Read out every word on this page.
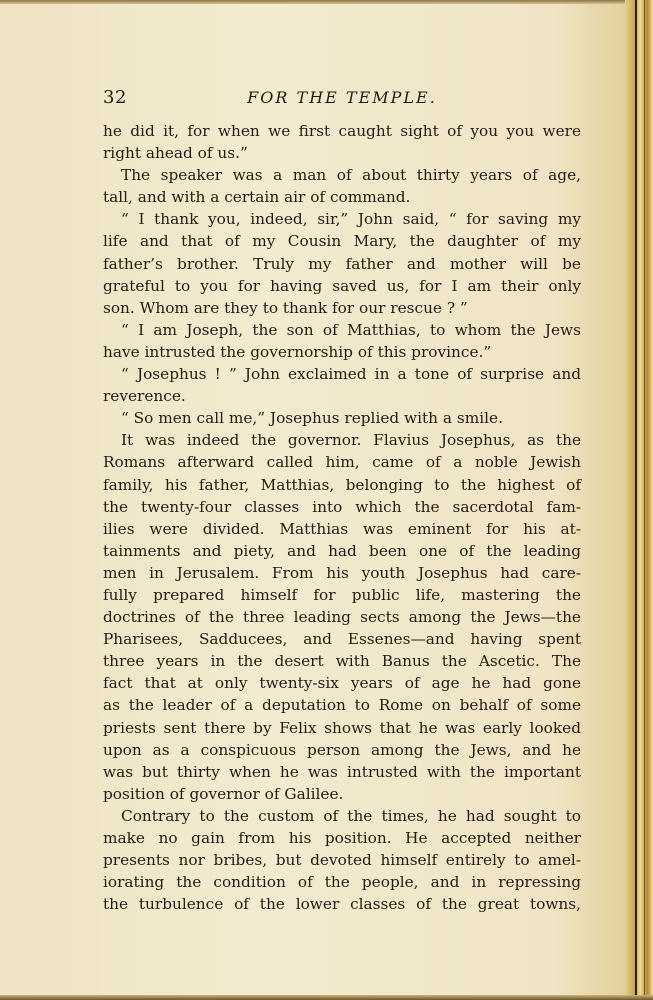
32	FOR THE TEMPLE.
he did it, for when we first caught sight of you you were
right ahead of us.”
The speaker was a man of about thirty years of age,
tall, and with a certain air of command.
“ I thank you, indeed, sir,” John said, “ for saving my
life and that of my Cousin Mary, the daughter of my
father’s brother. Truly my father and mother will be
grateful to you for having saved us, for I am their only
son. Whom are they to thank for our rescue ? ”
“ I am Joseph, the son of Matthias, to whom the Jews
have intrusted the governorship of this province.”
“ Josephus ! ” John exclaimed in a tone of surprise and
reverence.
“ So men call me,” Josephus replied with a smile.
It was indeed the governor. Flavius Josephus, as the
Romans afterward called him, came of a noble Jewish
family, his father, Matthias, belonging to the highest of
the twenty-four classes into which the sacerdotal fam-
ilies were divided. Matthias was eminent for his at-
tainments and piety, and had been one of the leading
men in Jerusalem. From his youth Josephus had care-
fully prepared himself for public life, mastering the
doctrines of the three leading sects among the Jews—the
Pharisees, Sadducees, and Essenes—and having spent
three years in the desert with Banus the Ascetic. The
fact that at only twenty-six years of age he had gone
as the leader of a deputation to Rome on behalf of some
priests sent there by Felix shows that he was early looked
upon as a conspicuous person among the Jews, and he
was but thirty when he was intrusted with the important
position of governor of Galilee.
Contrary to the custom of the times, he had sought to
make no gain from his position. He accepted neither
presents nor bribes, but devoted himself entirely to amel-
iorating the condition of the people, and in repressing
the turbulence of the lower classes of the great towns,
